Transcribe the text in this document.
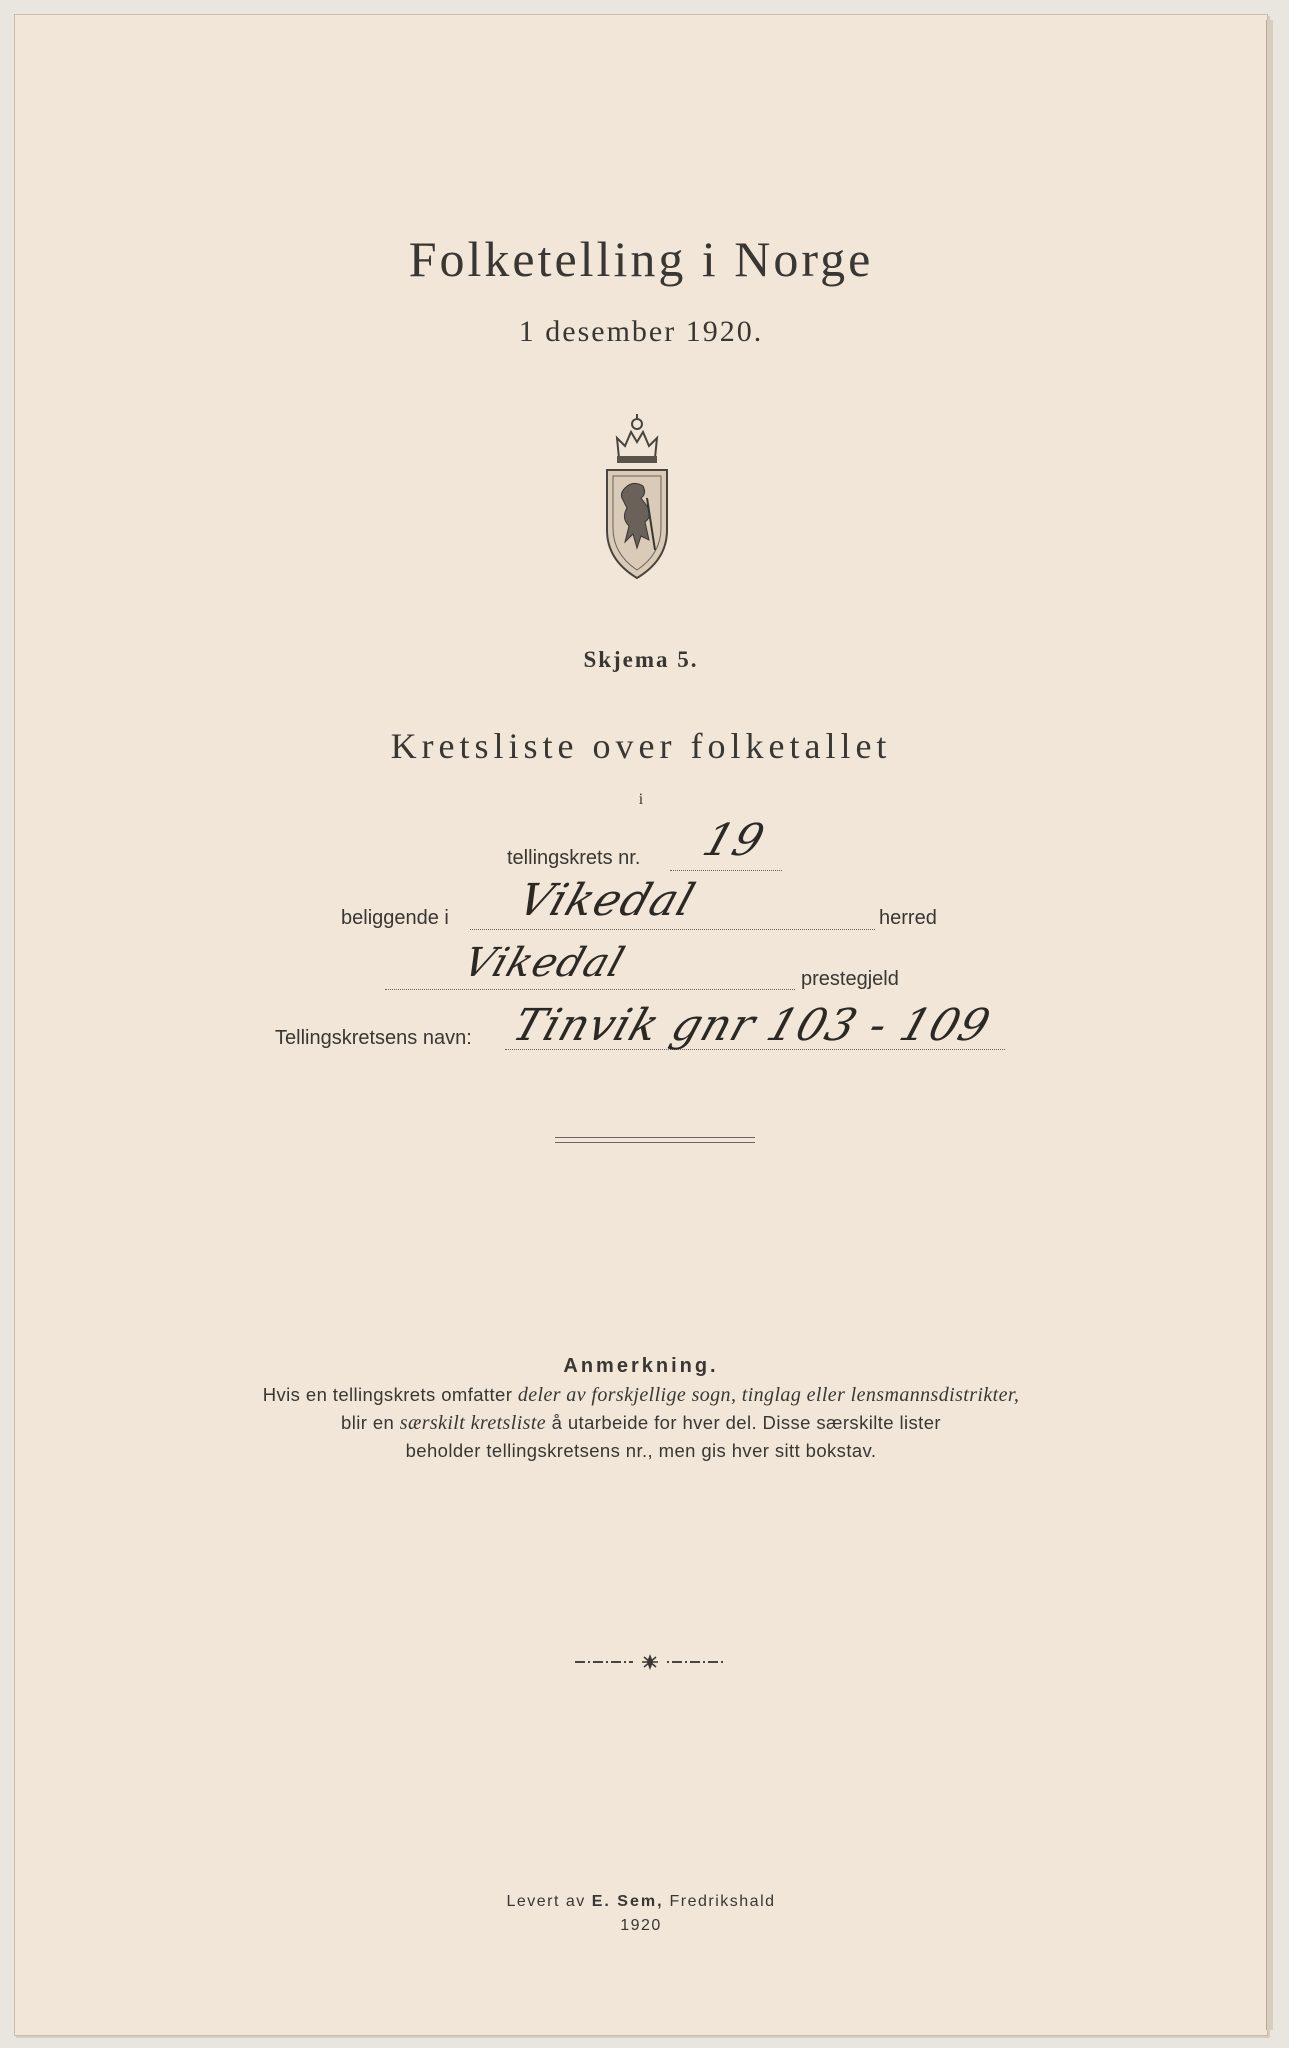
Folketelling i Norge
1 desember 1920.
Skjema 5.
Kretsliste over folketallet
i
tellingskrets nr. 19
beliggende i Vikedal	herred
Vikedal	prestegjeld
Tellingskretsens navn: Tinvik gnr 103 - 109
Anmerkning.
Hvis en tellingskrets omfatter deler av forskjellige sogn, tinglag eller lensmannsdistrikter,
blir en særskilt kretsliste å utarbeide for hver del. Disse særskilte lister
beholder tellingskretsens nr., men gis hver sitt bokstav.
Levert av E. Sem, Fredrikshald
1920
